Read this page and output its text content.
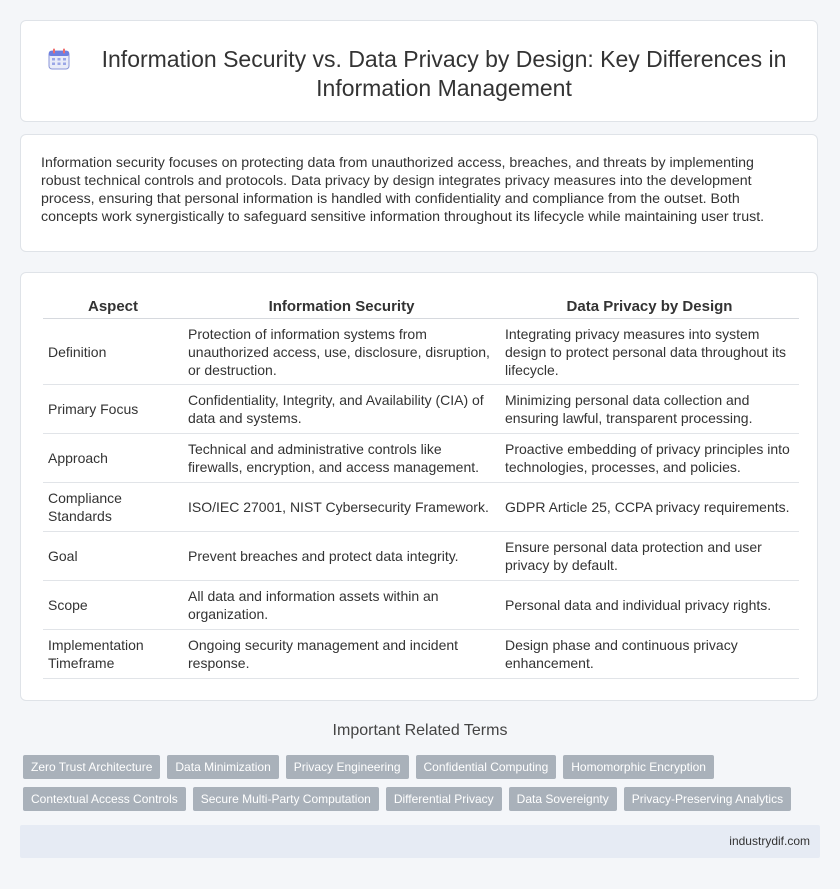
Information Security vs. Data Privacy by Design: Key Differences in Information Management

Information security focuses on protecting data from unauthorized access, breaches, and threats by implementing robust technical controls and protocols. Data privacy by design integrates privacy measures into the development process, ensuring that personal information is handled with confidentiality and compliance from the outset. Both concepts work synergistically to safeguard sensitive information throughout its lifecycle while maintaining user trust.

Aspect	Information Security	Data Privacy by Design
Definition	Protection of information systems from unauthorized access, use, disclosure, disruption, or destruction.	Integrating privacy measures into system design to protect personal data throughout its lifecycle.
Primary Focus	Confidentiality, Integrity, and Availability (CIA) of data and systems.	Minimizing personal data collection and ensuring lawful, transparent processing.
Approach	Technical and administrative controls like firewalls, encryption, and access management.	Proactive embedding of privacy principles into technologies, processes, and policies.
Compliance Standards	ISO/IEC 27001, NIST Cybersecurity Framework.	GDPR Article 25, CCPA privacy requirements.
Goal	Prevent breaches and protect data integrity.	Ensure personal data protection and user privacy by default.
Scope	All data and information assets within an organization.	Personal data and individual privacy rights.
Implementation Timeframe	Ongoing security management and incident response.	Design phase and continuous privacy enhancement.
Important Related Terms
Zero Trust Architecture	Data Minimization	Privacy Engineering	Confidential Computing	Homomorphic Encryption
Contextual Access Controls	Secure Multi-Party Computation	Differential Privacy	Data Sovereignty	Privacy-Preserving Analytics
industrydif.com
